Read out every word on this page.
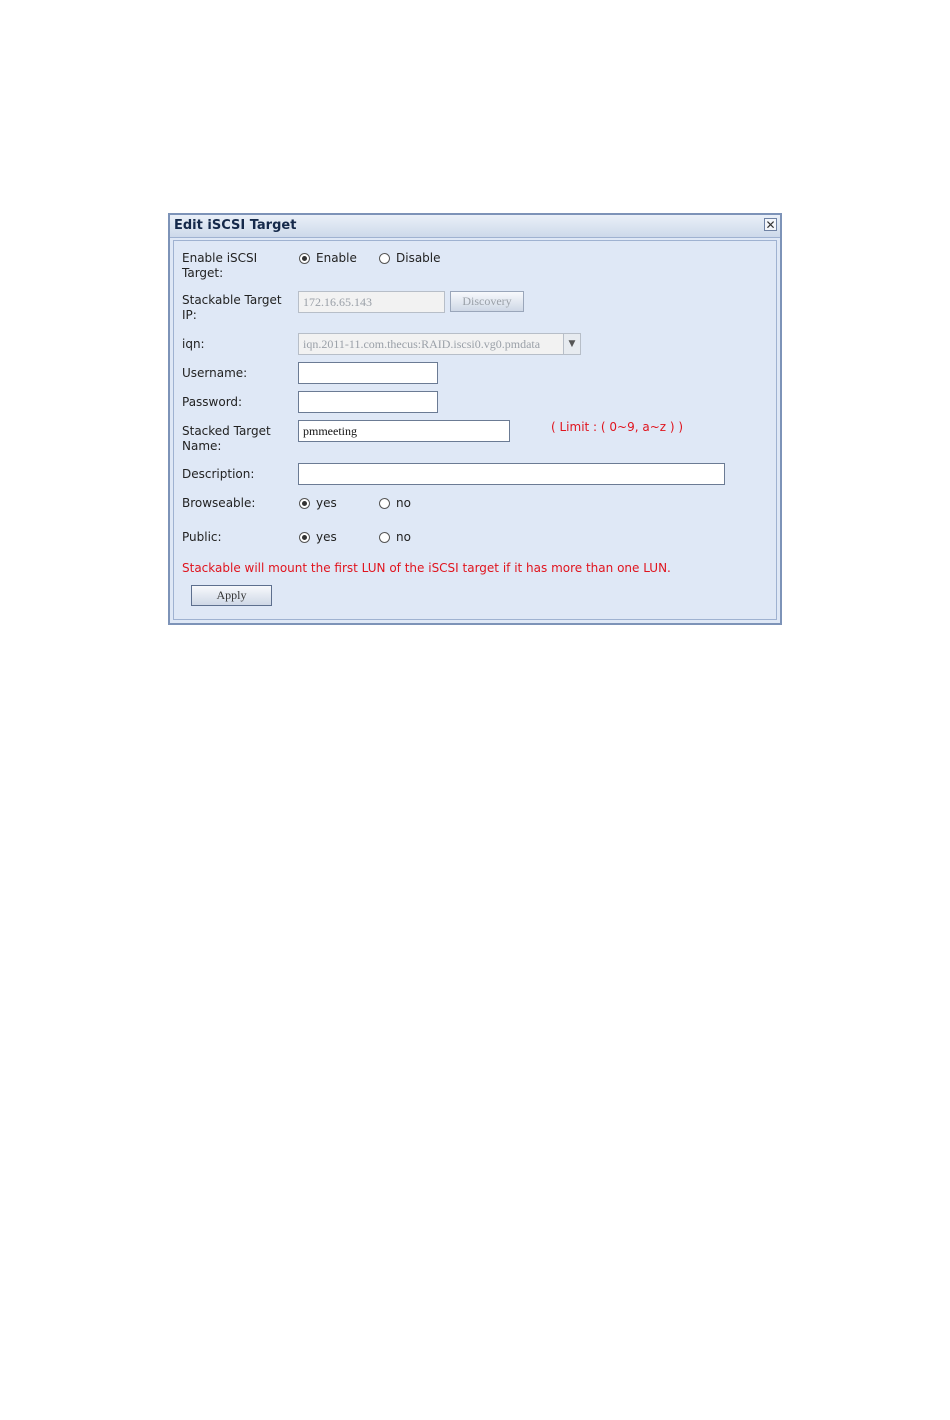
Edit iSCSI Target	✕
Enable iSCSI
Target:
Enable	Disable
Stackable Target
IP:
172.16.65.143	Discovery
iqn:	iqn.2011-11.com.thecus:RAID.iscsi0.vg0.pmdata	▼
Username:
Password:
Stacked Target
Name:
pmmeeting	( Limit : ( 0~9, a~z ) )
Description:
Browseable:	yes	no
Public:	yes	no
Stackable will mount the first LUN of the iSCSI target if it has more than one LUN.
Apply
